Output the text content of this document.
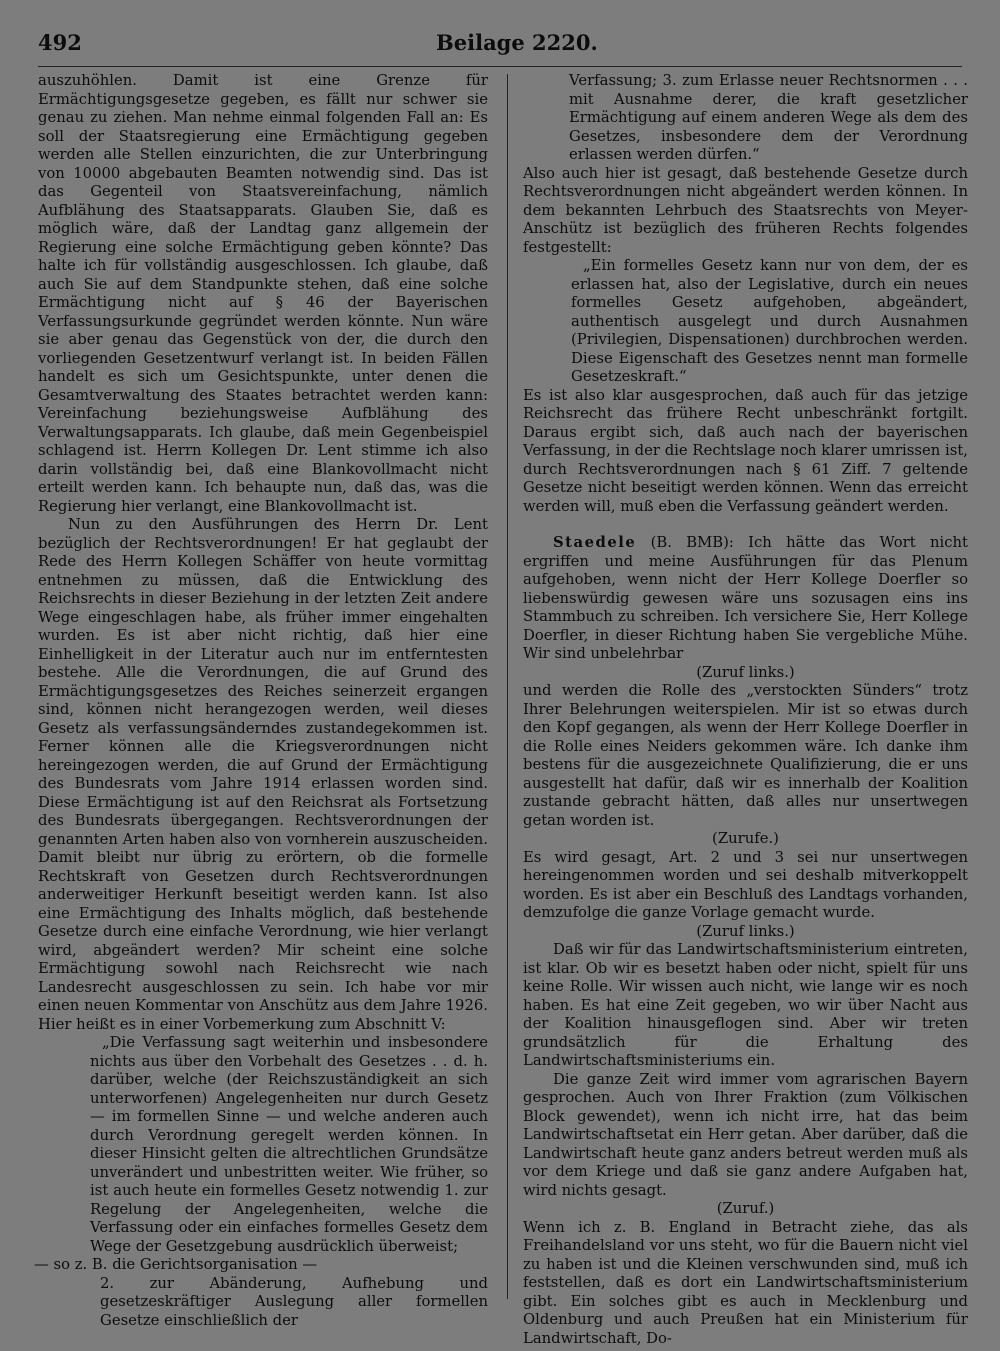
492	Beilage 2220.

auszuhöhlen. Damit ist eine Grenze für Ermächtigungsgesetze gegeben, es fällt nur schwer sie genau zu ziehen. Man nehme einmal folgenden Fall an: Es soll der Staatsregierung eine Ermächtigung gegeben werden alle Stellen einzurichten, die zur Unterbringung von 10000 abgebauten Beamten notwendig sind. Das ist das Gegenteil von Staatsvereinfachung, nämlich Aufblähung des Staatsapparats. Glauben Sie, daß es möglich wäre, daß der Landtag ganz allgemein der Regierung eine solche Ermächtigung geben könnte? Das halte ich für vollständig ausgeschlossen. Ich glaube, daß auch Sie auf dem Standpunkte stehen, daß eine solche Ermächtigung nicht auf § 46 der Bayerischen Verfassungsurkunde gegründet werden könnte. Nun wäre sie aber genau das Gegenstück von der, die durch den vorliegenden Gesetzentwurf verlangt ist. In beiden Fällen handelt es sich um Gesichtspunkte, unter denen die Gesamtverwaltung des Staates betrachtet werden kann: Vereinfachung beziehungsweise Aufblähung des Verwaltungsapparats. Ich glaube, daß mein Gegenbeispiel schlagend ist. Herrn Kollegen Dr. Lent stimme ich also darin vollständig bei, daß eine Blankovollmacht nicht erteilt werden kann. Ich behaupte nun, daß das, was die Regierung hier verlangt, eine Blankovollmacht ist.

Nun zu den Ausführungen des Herrn Dr. Lent bezüglich der Rechtsverordnungen! Er hat geglaubt der Rede des Herrn Kollegen Schäffer von heute vormittag entnehmen zu müssen, daß die Entwicklung des Reichsrechts in dieser Beziehung in der letzten Zeit andere Wege eingeschlagen habe, als früher immer eingehalten wurden. Es ist aber nicht richtig, daß hier eine Einhelligkeit in der Literatur auch nur im entferntesten bestehe. Alle die Verordnungen, die auf Grund des Ermächtigungsgesetzes des Reiches seinerzeit ergangen sind, können nicht herangezogen werden, weil dieses Gesetz als verfassungsänderndes zustandegekommen ist. Ferner können alle die Kriegsverordnungen nicht hereingezogen werden, die auf Grund der Ermächtigung des Bundesrats vom Jahre 1914 erlassen worden sind. Diese Ermächtigung ist auf den Reichsrat als Fortsetzung des Bundesrats übergegangen. Rechtsverordnungen der genannten Arten haben also von vornherein auszuscheiden. Damit bleibt nur übrig zu erörtern, ob die formelle Rechtskraft von Gesetzen durch Rechtsverordnungen anderweitiger Herkunft beseitigt werden kann. Ist also eine Ermächtigung des Inhalts möglich, daß bestehende Gesetze durch eine einfache Verordnung, wie hier verlangt wird, abgeändert werden? Mir scheint eine solche Ermächtigung sowohl nach Reichsrecht wie nach Landesrecht ausgeschlossen zu sein. Ich habe vor mir einen neuen Kommentar von Anschütz aus dem Jahre 1926. Hier heißt es in einer Vorbemerkung zum Abschnitt V:

„Die Verfassung sagt weiterhin und insbesondere nichts aus über den Vorbehalt des Gesetzes . . d. h. darüber, welche (der Reichszuständigkeit an sich unterworfenen) Angelegenheiten nur durch Gesetz — im formellen Sinne — und welche anderen auch durch Verordnung geregelt werden können. In dieser Hinsicht gelten die altrechtlichen Grundsätze unverändert und unbestritten weiter. Wie früher, so ist auch heute ein formelles Gesetz notwendig 1. zur Regelung der Angelegenheiten, welche die Verfassung oder ein einfaches formelles Gesetz dem Wege der Gesetzgebung ausdrücklich überweist;

— so z. B. die Gerichtsorganisation —

2. zur Abänderung, Aufhebung und gesetzeskräftiger Auslegung aller formellen Gesetze einschließlich der

Verfassung; 3. zum Erlasse neuer Rechtsnormen . . . mit Ausnahme derer, die kraft gesetzlicher Ermächtigung auf einem anderen Wege als dem des Gesetzes, insbesondere dem der Verordnung erlassen werden dürfen.“

Also auch hier ist gesagt, daß bestehende Gesetze durch Rechtsverordnungen nicht abgeändert werden können. In dem bekannten Lehrbuch des Staatsrechts von Meyer-Anschütz ist bezüglich des früheren Rechts folgendes festgestellt:

„Ein formelles Gesetz kann nur von dem, der es erlassen hat, also der Legislative, durch ein neues formelles Gesetz aufgehoben, abgeändert, authentisch ausgelegt und durch Ausnahmen (Privilegien, Dispensationen) durchbrochen werden. Diese Eigenschaft des Gesetzes nennt man formelle Gesetzeskraft.“

Es ist also klar ausgesprochen, daß auch für das jetzige Reichsrecht das frühere Recht unbeschränkt fortgilt. Daraus ergibt sich, daß auch nach der bayerischen Verfassung, in der die Rechtslage noch klarer umrissen ist, durch Rechtsverordnungen nach § 61 Ziff. 7 geltende Gesetze nicht beseitigt werden können. Wenn das erreicht werden will, muß eben die Verfassung geändert werden.

Staedele (B. BMB): Ich hätte das Wort nicht ergriffen und meine Ausführungen für das Plenum aufgehoben, wenn nicht der Herr Kollege Doerfler so liebenswürdig gewesen wäre uns sozusagen eins ins Stammbuch zu schreiben. Ich versichere Sie, Herr Kollege Doerfler, in dieser Richtung haben Sie vergebliche Mühe. Wir sind unbelehrbar

(Zuruf links.)

und werden die Rolle des „verstockten Sünders“ trotz Ihrer Belehrungen weiterspielen. Mir ist so etwas durch den Kopf gegangen, als wenn der Herr Kollege Doerfler in die Rolle eines Neiders gekommen wäre. Ich danke ihm bestens für die ausgezeichnete Qualifizierung, die er uns ausgestellt hat dafür, daß wir es innerhalb der Koalition zustande gebracht hätten, daß alles nur unsertwegen getan worden ist.

(Zurufe.)

Es wird gesagt, Art. 2 und 3 sei nur unsertwegen hereingenommen worden und sei deshalb mitverkoppelt worden. Es ist aber ein Beschluß des Landtags vorhanden, demzufolge die ganze Vorlage gemacht wurde.

(Zuruf links.)

Daß wir für das Landwirtschaftsministerium eintreten, ist klar. Ob wir es besetzt haben oder nicht, spielt für uns keine Rolle. Wir wissen auch nicht, wie lange wir es noch haben. Es hat eine Zeit gegeben, wo wir über Nacht aus der Koalition hinausgeflogen sind. Aber wir treten grundsätzlich für die Erhaltung des Landwirtschaftsministeriums ein.

Die ganze Zeit wird immer vom agrarischen Bayern gesprochen. Auch von Ihrer Fraktion (zum Völkischen Block gewendet), wenn ich nicht irre, hat das beim Landwirtschaftsetat ein Herr getan. Aber darüber, daß die Landwirtschaft heute ganz anders betreut werden muß als vor dem Kriege und daß sie ganz andere Aufgaben hat, wird nichts gesagt.

(Zuruf.)

Wenn ich z. B. England in Betracht ziehe, das als Freihandelsland vor uns steht, wo für die Bauern nicht viel zu haben ist und die Kleinen verschwunden sind, muß ich feststellen, daß es dort ein Landwirtschaftsministerium gibt. Ein solches gibt es auch in Mecklenburg und Oldenburg und auch Preußen hat ein Ministerium für Landwirtschaft, Do-
